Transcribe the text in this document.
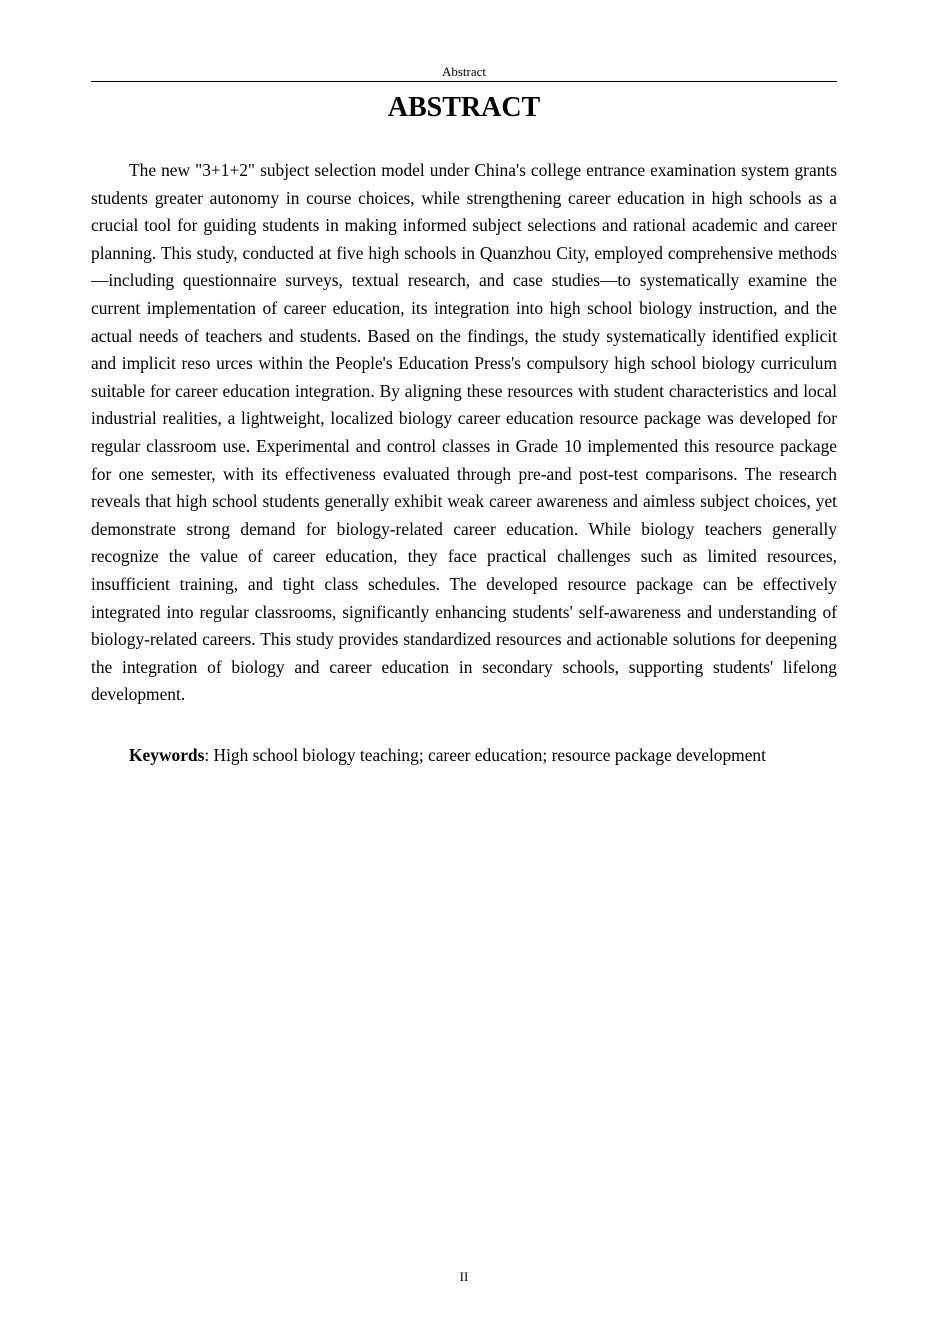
Abstract
ABSTRACT

The new "3+1+2" subject selection model under China's college entrance examination system grants students greater autonomy in course choices, while strengthening career education in high schools as a crucial tool for guiding students in making informed subject selections and rational academic and career planning. This study, conducted at five high schools in Quanzhou City, employed comprehensive methods—including questionnaire surveys, textual research, and case studies—to systematically examine the current implementation of career education, its integration into high school biology instruction, and the actual needs of teachers and students. Based on the findings, the study systematically identified explicit and implicit reso urces within the People's Education Press's compulsory high school biology curriculum suitable for career education integration. By aligning these resources with student characteristics and local industrial realities, a lightweight, localized biology career education resource package was developed for regular classroom use. Experimental and control classes in Grade 10 implemented this resource package for one semester, with its effectiveness evaluated through pre-and post-test comparisons. The research reveals that high school students generally exhibit weak career awareness and aimless subject choices, yet demonstrate strong demand for biology-related career education. While biology teachers generally recognize the value of career education, they face practical challenges such as limited resources, insufficient training, and tight class schedules. The developed resource package can be effectively integrated into regular classrooms, significantly enhancing students' self-awareness and understanding of biology-related careers. This study provides standardized resources and actionable solutions for deepening the integration of biology and career education in secondary schools, supporting students' lifelong development.

Keywords: High school biology teaching; career education; resource package development

II
